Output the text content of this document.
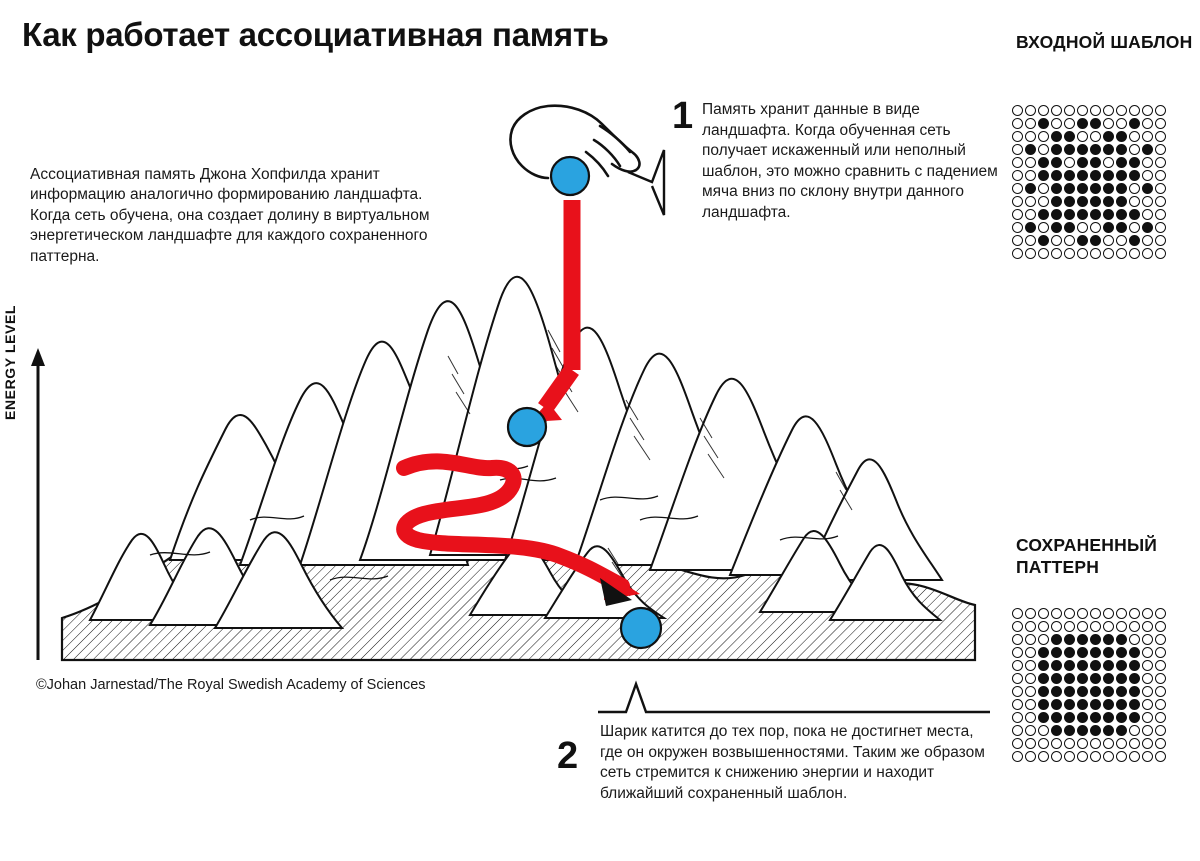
Как работает ассоциативная память
Ассоциативная память Джона Хопфилда хранит информацию аналогично формированию ландшафта. Когда сеть обучена, она создает долину в виртуальном энергетическом ландшафте для каждого сохраненного паттерна.
ENERGY LEVEL
1 Память хранит данные в виде ландшафта. Когда обученная сеть получает искаженный или неполный шаблон, это можно сравнить с падением мяча вниз по склону внутри данного ландшафта.
2
Шарик катится до тех пор, пока не достигнет места, где он окружен возвышенностями. Таким же образом сеть стремится к снижению энергии и находит ближайший сохраненный шаблон.
©Johan Jarnestad/The Royal Swedish Academy of Sciences
ВХОДНОЙ ШАБЛОН
СОХРАНЕННЫЙ ПАТТЕРН
